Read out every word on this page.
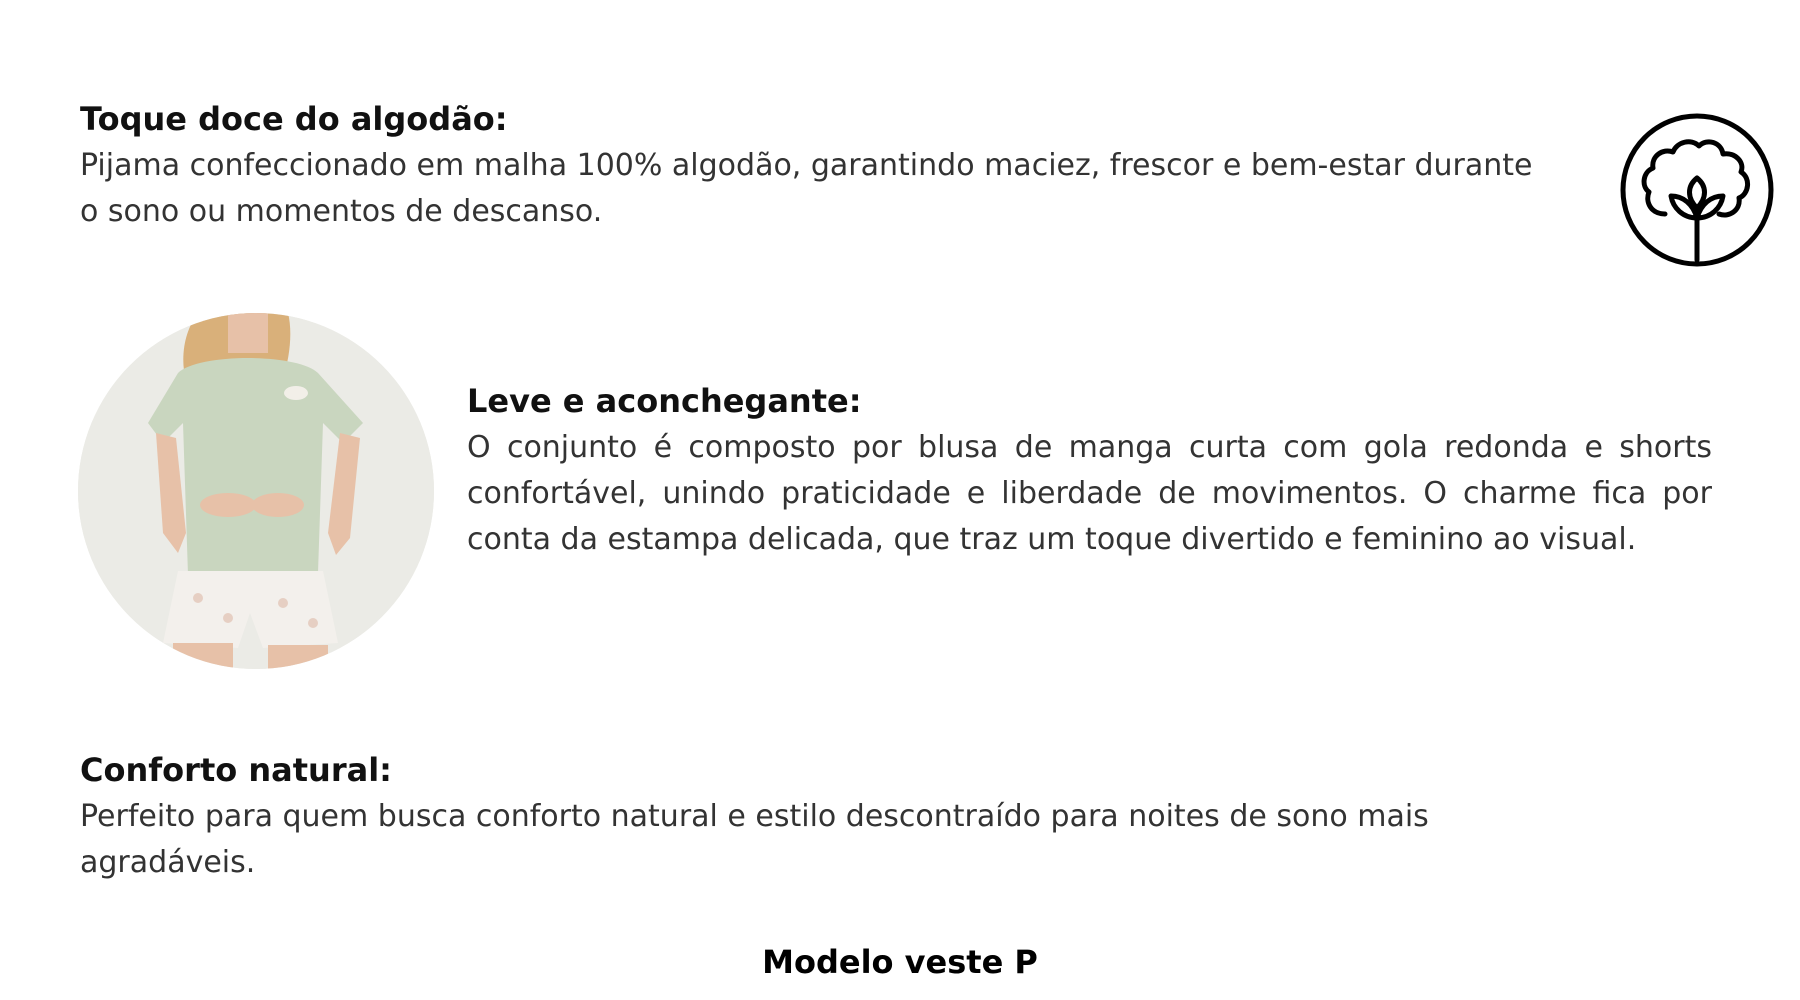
Toque doce do algodão:

Pijama confeccionado em malha 100% algodão, garantindo maciez, frescor e bem-estar durante o sono ou momentos de descanso.

Leve e aconchegante:

O conjunto é composto por blusa de manga curta com gola redonda e shorts confortável, unindo praticidade e liberdade de movimentos. O charme fica por conta da estampa delicada, que traz um toque divertido e feminino ao visual.

Conforto natural:

Perfeito para quem busca conforto natural e estilo descontraído para noites de sono mais agradáveis.

Modelo veste P
